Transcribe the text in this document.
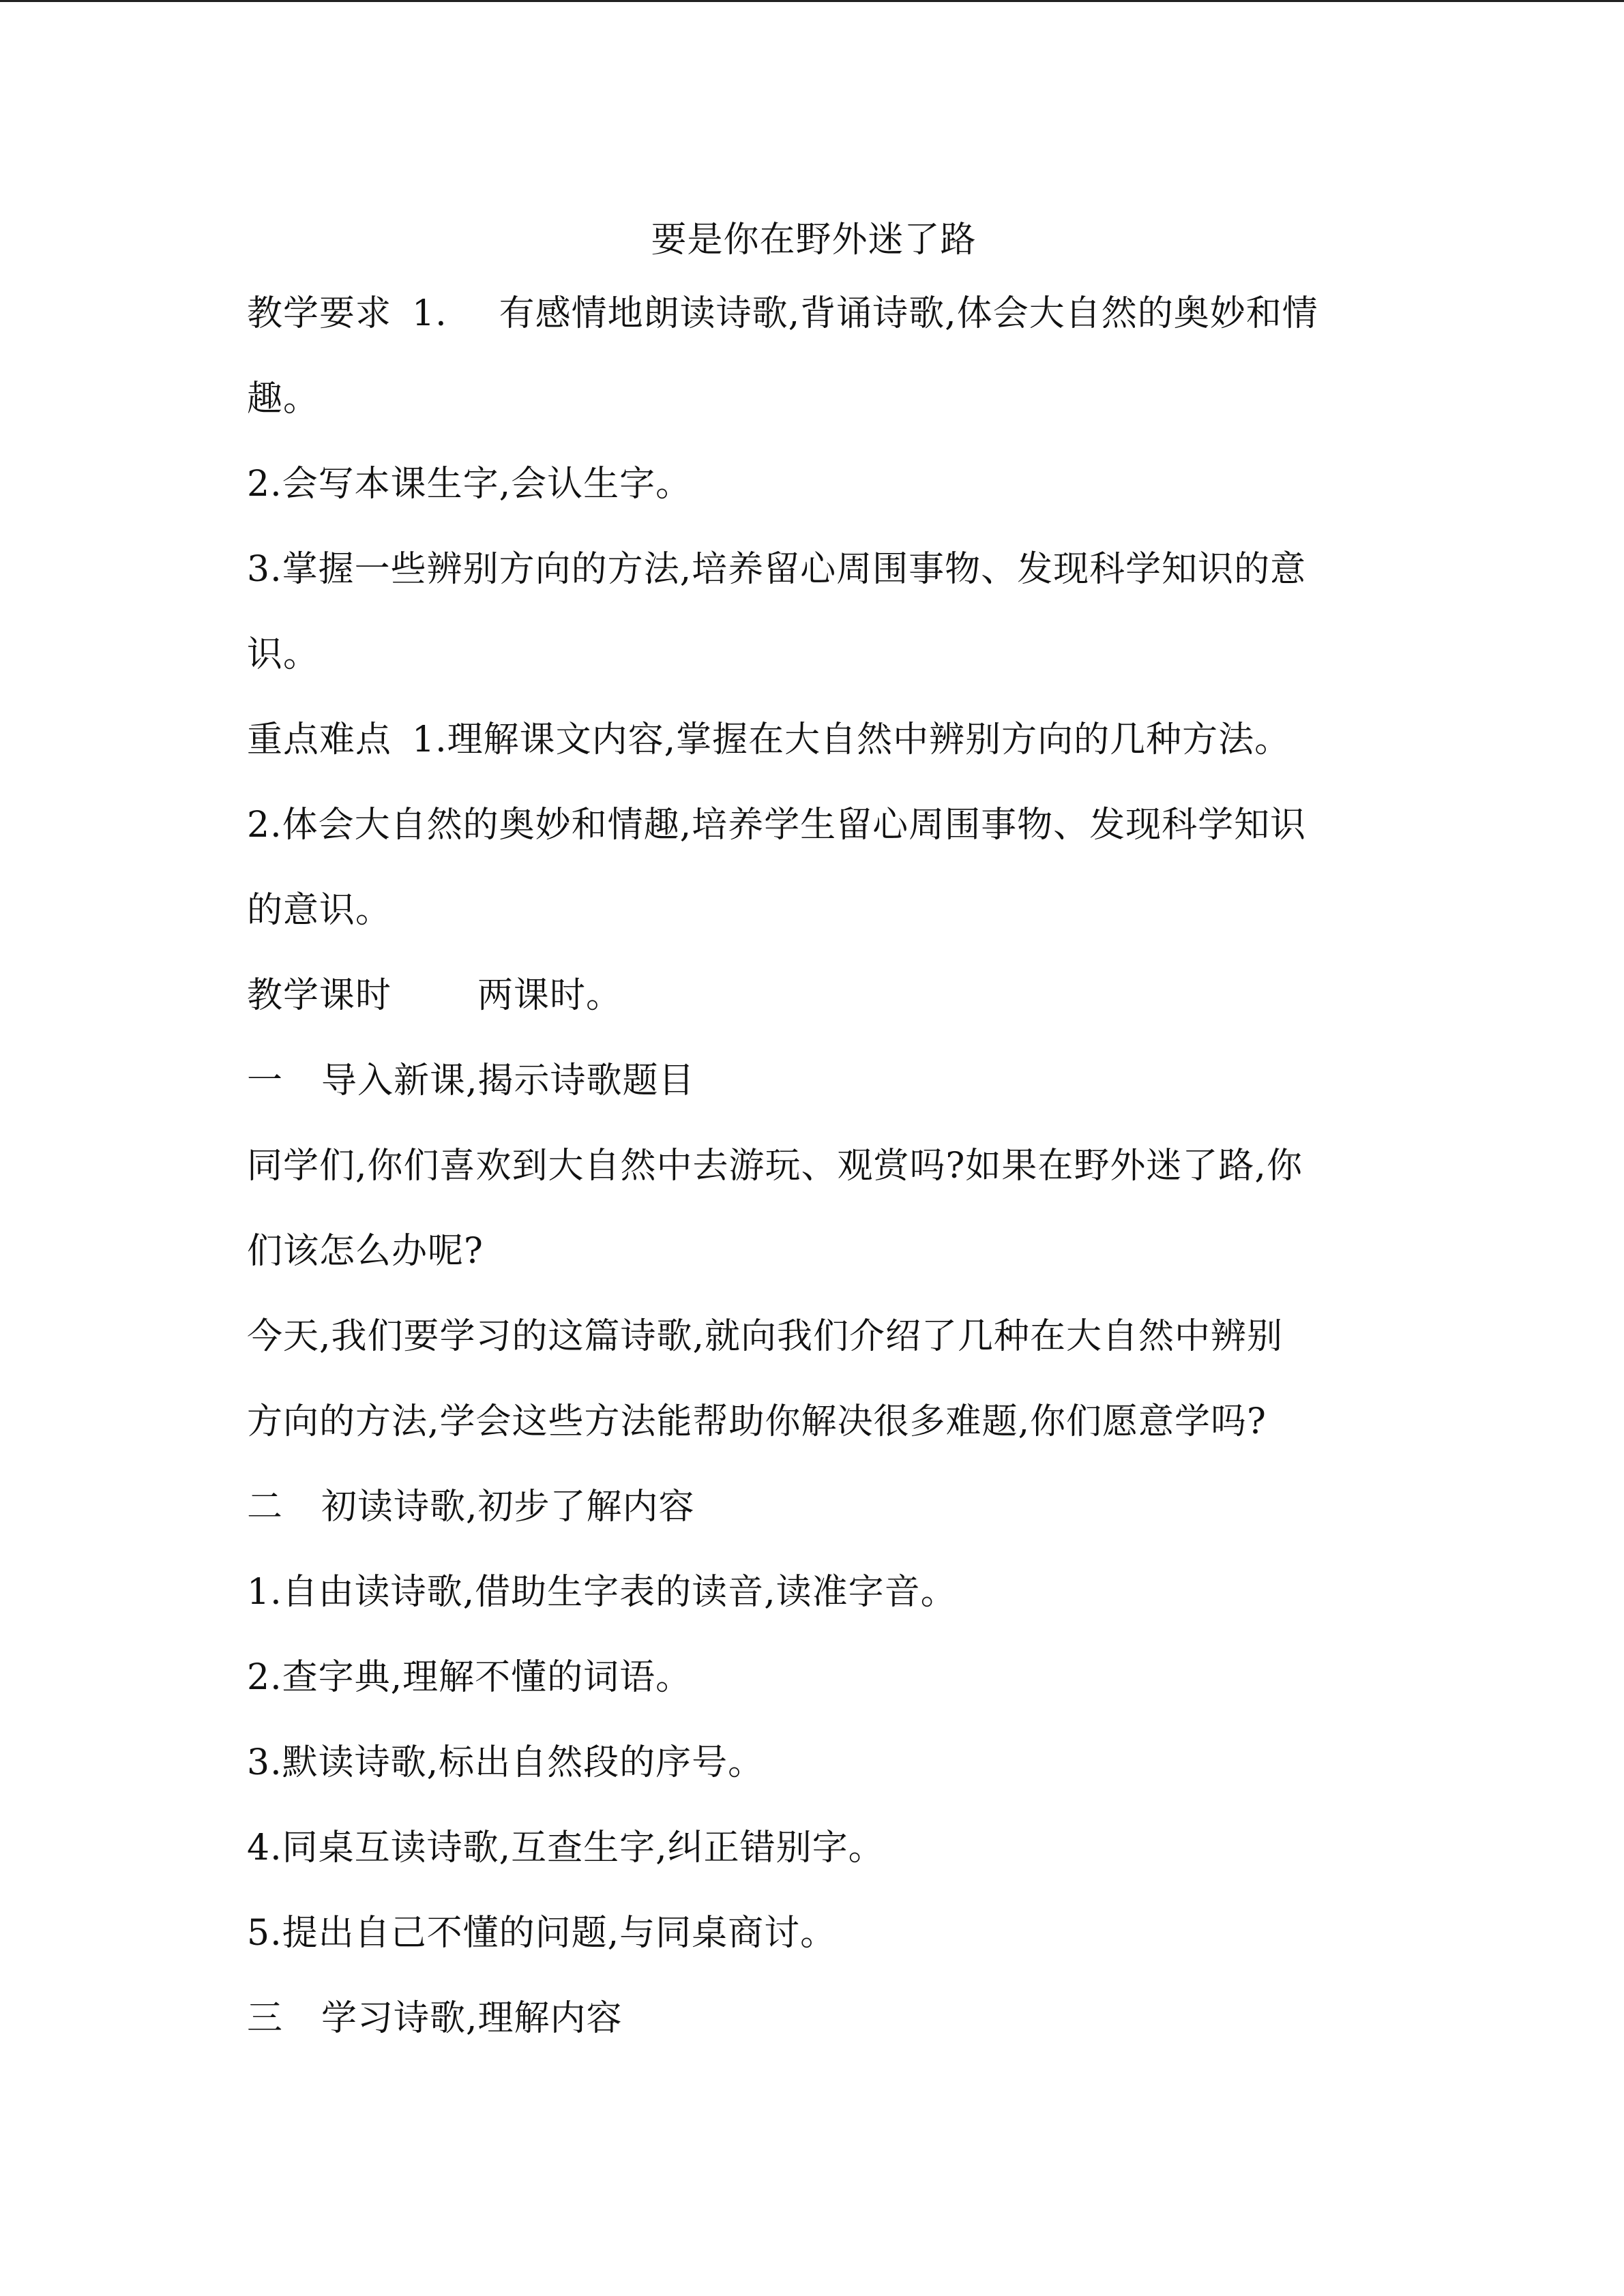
要是你在野外迷了路
教学要求 1. 有感情地朗读诗歌,背诵诗歌,体会大自然的奥妙和情
趣。
2.会写本课生字,会认生字。
3.掌握一些辨别方向的方法,培养留心周围事物、发现科学知识的意
识。
重点难点 1.理解课文内容,掌握在大自然中辨别方向的几种方法。
2.体会大自然的奥妙和情趣,培养学生留心周围事物、发现科学知识
的意识。
教学课时 两课时。
一 导入新课,揭示诗歌题目
同学们,你们喜欢到大自然中去游玩、观赏吗?如果在野外迷了路,你
们该怎么办呢?
今天,我们要学习的这篇诗歌,就向我们介绍了几种在大自然中辨别
方向的方法,学会这些方法能帮助你解决很多难题,你们愿意学吗?
二 初读诗歌,初步了解内容
1.自由读诗歌,借助生字表的读音,读准字音。
2.查字典,理解不懂的词语。
3.默读诗歌,标出自然段的序号。
4.同桌互读诗歌,互查生字,纠正错别字。
5.提出自己不懂的问题,与同桌商讨。
三 学习诗歌,理解内容
